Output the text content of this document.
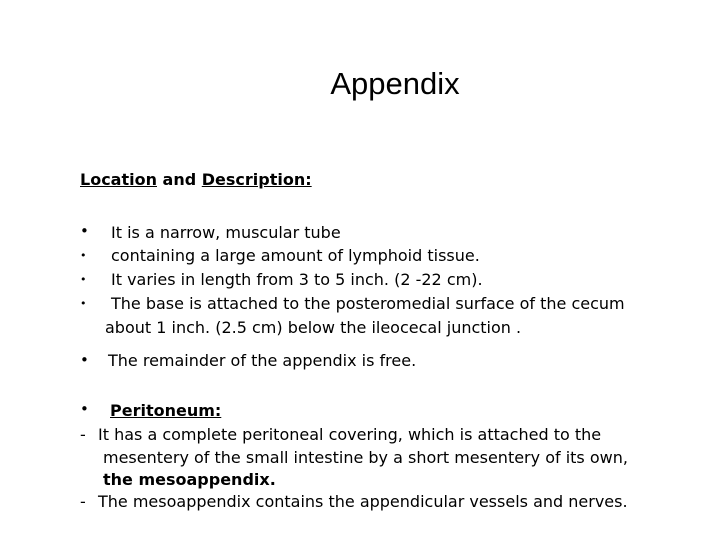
Appendix
Location and Description:
• It is a narrow, muscular tube
• containing a large amount of lymphoid tissue.
• It varies in length from 3 to 5 inch. (2 -22 cm).
• The base is attached to the posteromedial surface of the cecum
about 1 inch. (2.5 cm) below the ileocecal junction .
• The remainder of the appendix is free.
• Peritoneum:
- It has a complete peritoneal covering, which is attached to the
mesentery of the small intestine by a short mesentery of its own,
the mesoappendix.
- The mesoappendix contains the appendicular vessels and nerves.
